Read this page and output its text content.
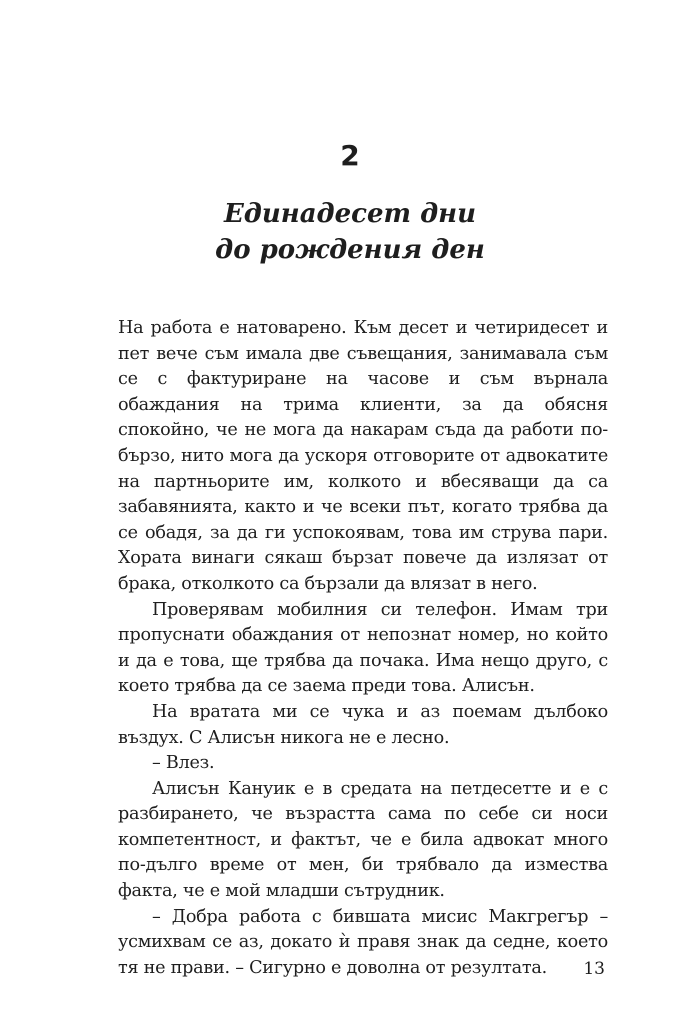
2
Единадесет дни
до рождения ден

На работа е натоварено. Към десет и четиридесет и пет вече съм имала две съвещания, занимавала съм се с фактуриране на часове и съм върнала обаждания на трима клиенти, за да обясня спокойно, че не мога да накарам съда да работи по-бързо, нито мога да ускоря отговорите от адвокатите на партньорите им, колкото и вбесяващи да са забавянията, както и че всеки път, когато трябва да се обадя, за да ги успокоявам, това им струва пари. Хората винаги сякаш бързат повече да излязат от брака, отколкото са бързали да влязат в него.

Проверявам мобилния си телефон. Имам три пропуснати обаждания от непознат номер, но който и да е това, ще трябва да почака. Има нещо друго, с което трябва да се заема преди това. Алисън.

На вратата ми се чука и аз поемам дълбоко въздух. С Алисън никога не е лесно.

– Влез.

Алисън Кануик е в средата на петдесетте и е с разбирането, че възрастта сама по себе си носи компетентност, и фактът, че е била адвокат много по-дълго време от мен, би трябвало да измества факта, че е мой младши сътрудник.

– Добра работа с бившата мисис Макгрегър – усмихвам се аз, докато ѝ правя знак да седне, което тя не прави. – Сигурно е доволна от резултата.	13
